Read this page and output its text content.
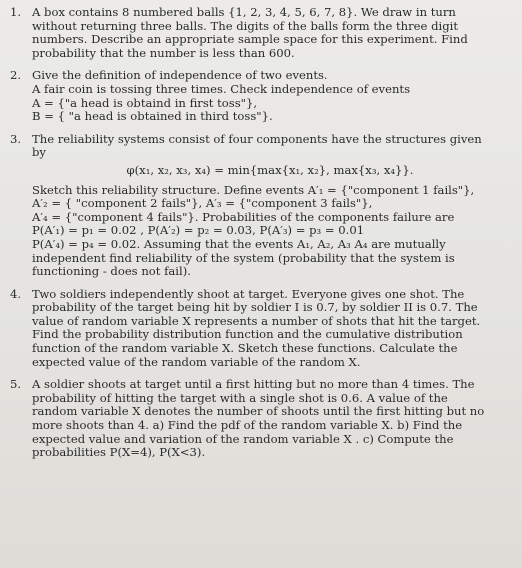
1. A box contains 8 numbered balls {1, 2, 3, 4, 5, 6, 7, 8}. We draw in turn
without returning three balls. The digits of the balls form the three digit
numbers. Describe an appropriate sample space for this experiment. Find
probability that the number is less than 600.
2. Give the definition of independence of two events.
A fair coin is tossing three times. Check independence of events
A = {"a head is obtaind in first toss"},
B = { "a head is obtained in third toss"}.
3. The reliability systems consist of four components have the structures given
by
φ(x₁, x₂, x₃, x₄) = min{max{x₁, x₂}, max{x₃, x₄}}.
Sketch this reliability structure. Define events A′₁ = {"component 1 fails"},
A′₂ = { "component 2 fails"}, A′₃ = {"component 3 fails"},
A′₄ = {"component 4 fails"}. Probabilities of the components failure are
P(A′₁) = p₁ = 0.02 , P(A′₂) = p₂ = 0.03, P(A′₃) = p₃ = 0.01
P(A′₄) = p₄ = 0.02. Assuming that the events A₁, A₂, A₃ A₄ are mutually
independent find reliability of the system (probability that the system is
functioning - does not fail).
4. Two soldiers independently shoot at target. Everyone gives one shot. The
probability of the target being hit by soldier I is 0.7, by soldier II is 0.7. The
value of random variable X represents a number of shots that hit the target.
Find the probability distribution function and the cumulative distribution
function of the random variable X. Sketch these functions. Calculate the
expected value of the random variable of the random X.
5. A soldier shoots at target until a first hitting but no more than 4 times. The
probability of hitting the target with a single shot is 0.6. A value of the
random variable X denotes the number of shoots until the first hitting but no
more shoots than 4. a) Find the pdf of the random variable X. b) Find the
expected value and variation of the random variable X . c) Compute the
probabilities P(X=4), P(X<3).
